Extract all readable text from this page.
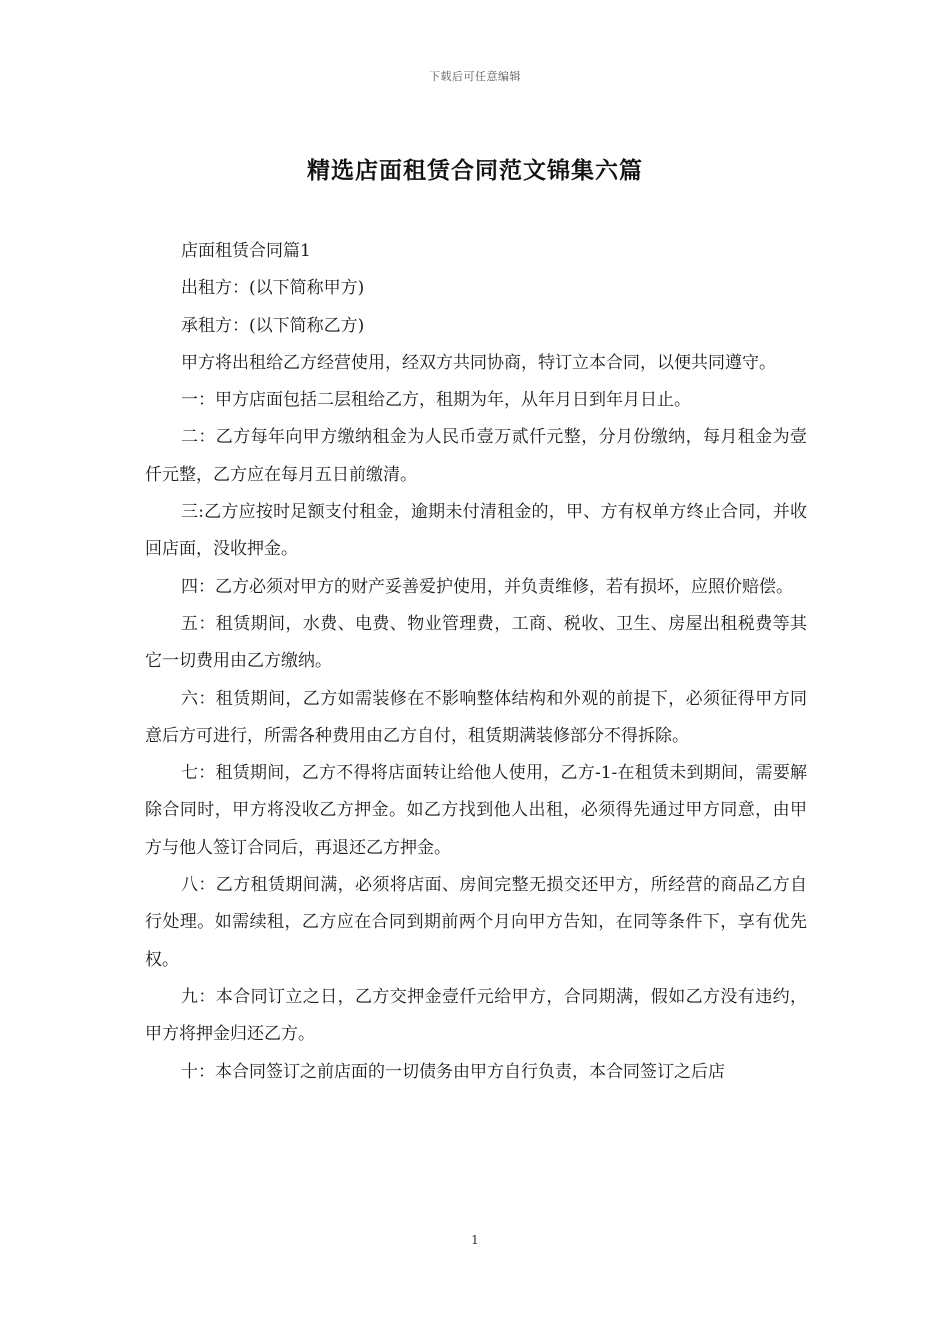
下载后可任意编辑
精选店面租赁合同范文锦集六篇

店面租赁合同篇1

出租方：(以下简称甲方)

承租方：(以下简称乙方)

甲方将出租给乙方经营使用，经双方共同协商，特订立本合同，以便共同遵守。

一：甲方店面包括二层租给乙方，租期为年，从年月日到年月日止。

二：乙方每年向甲方缴纳租金为人民币壹万贰仟元整，分月份缴纳，每月租金为壹仟元整，乙方应在每月五日前缴清。

三:乙方应按时足额支付租金，逾期未付清租金的，甲、方有权单方终止合同，并收回店面，没收押金。

四：乙方必须对甲方的财产妥善爱护使用，并负责维修，若有损坏，应照价赔偿。

五：租赁期间，水费、电费、物业管理费，工商、税收、卫生、房屋出租税费等其它一切费用由乙方缴纳。

六：租赁期间，乙方如需装修在不影响整体结构和外观的前提下，必须征得甲方同意后方可进行，所需各种费用由乙方自付，租赁期满装修部分不得拆除。

七：租赁期间，乙方不得将店面转让给他人使用，乙方-1-在租赁未到期间，需要解除合同时，甲方将没收乙方押金。如乙方找到他人出租，必须得先通过甲方同意，由甲方与他人签订合同后，再退还乙方押金。

八：乙方租赁期间满，必须将店面、房间完整无损交还甲方，所经营的商品乙方自行处理。如需续租，乙方应在合同到期前两个月向甲方告知，在同等条件下，享有优先权。

九：本合同订立之日，乙方交押金壹仟元给甲方，合同期满，假如乙方没有违约，甲方将押金归还乙方。

十：本合同签订之前店面的一切债务由甲方自行负责，本合同签订之后店

1
